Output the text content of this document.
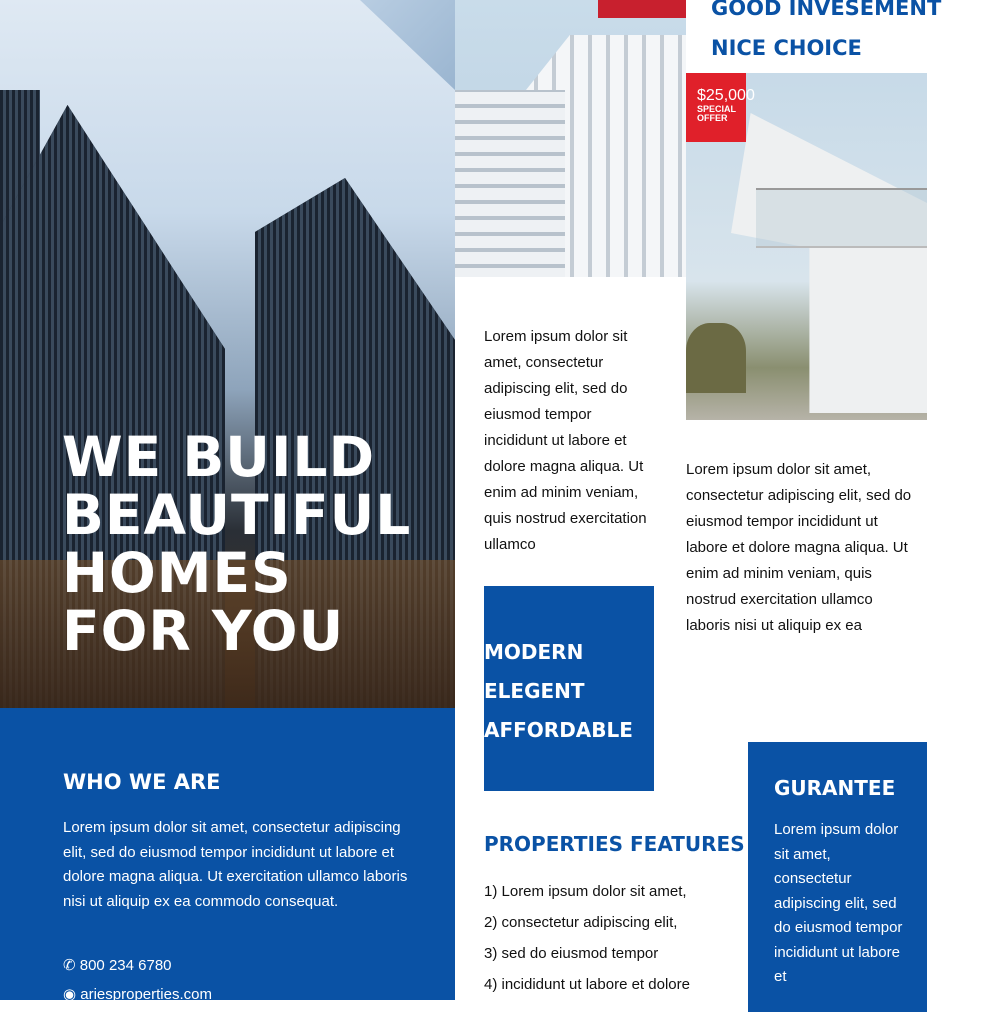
WE BUILD
BEAUTIFUL
HOMES
FOR YOU
WHO WE ARE
Lorem ipsum dolor sit amet, consectetur adipiscing elit, sed do eiusmod tempor incididunt ut labore et dolore magna aliqua. Ut exercitation ullamco laboris nisi ut aliquip ex ea commodo consequat.
✆ 800 234 6780
◉ ariesproperties.com
GOOD INVESEMENT
NICE CHOICE
$25,000
SPECIAL
OFFER
Lorem ipsum dolor sit amet, consectetur adipiscing elit, sed do eiusmod tempor incididunt ut labore et dolore magna aliqua. Ut enim ad minim veniam, quis nostrud exercitation ullamco
Lorem ipsum dolor sit amet, consectetur adipiscing elit, sed do eiusmod tempor incididunt ut labore et dolore magna aliqua. Ut enim ad minim veniam, quis nostrud exercitation ullamco laboris nisi ut aliquip ex ea
MODERN
ELEGENT
AFFORDABLE
PROPERTIES FEATURES
1) Lorem ipsum dolor sit amet,
2) consectetur adipiscing elit,
3) sed do eiusmod tempor
4) incididunt ut labore et dolore
GURANTEE
Lorem ipsum dolor sit amet, consectetur adipiscing elit, sed do eiusmod tempor incididunt ut labore et
